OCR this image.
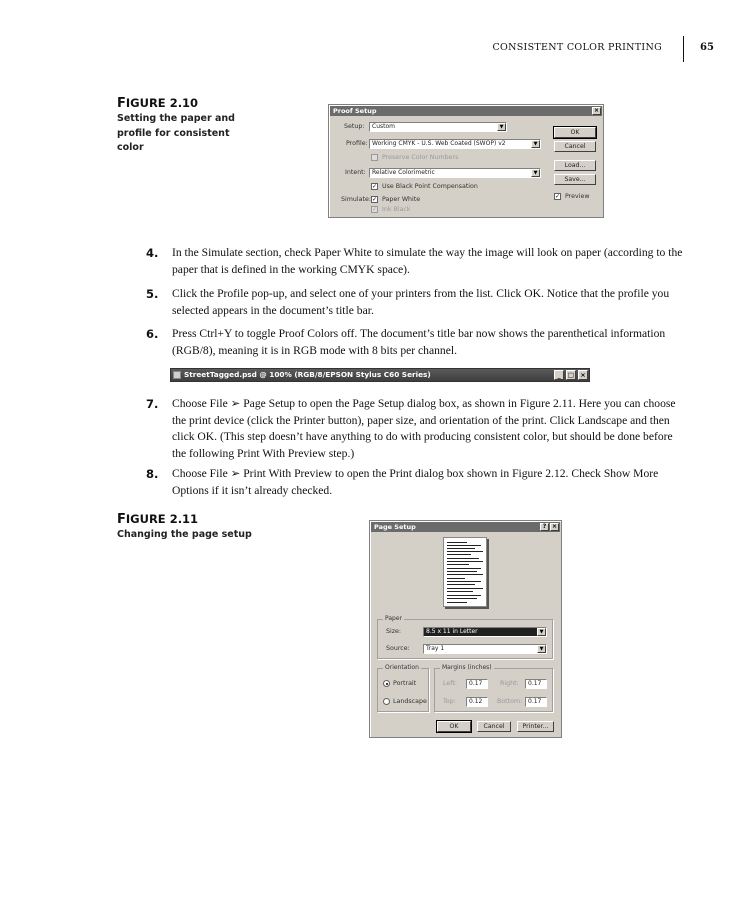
CONSISTENT COLOR PRINTING	65
FIGURE 2.10
Setting the paper and
profile for consistent
color
Proof Setup	×
Setup:	Custom	▼
Profile: Working CMYK - U.S. Web Coated (SWOP) v2	▼
Preserve Color Numbers
Intent:	Relative Colorimetric	▼
✓ Use Black Point Compensation
Simulate: ✓ Paper White
✓ Ink Black
OK
Cancel
Load...
Save...
✓ Preview
4. In the Simulate section, check Paper White to simulate the way the image will look on paper (according to the paper that is defined in the working CMYK space).
5. Click the Profile pop-up, and select one of your printers from the list. Click OK. Notice that the profile you selected appears in the document’s title bar.
6. Press Ctrl+Y to toggle Proof Colors off. The document’s title bar now shows the parenthetical information (RGB/8), meaning it is in RGB mode with 8 bits per channel.
StreetTagged.psd @ 100% (RGB/8/EPSON Stylus C60 Series)	_	□ ×
7. Choose File ➢ Page Setup to open the Page Setup dialog box, as shown in Figure 2.11. Here you can choose the print device (click the Printer button), paper size, and orientation of the print. Click Landscape and then click OK. (This step doesn’t have anything to do with producing consistent color, but should be done before the following Print With Preview step.)
8. Choose File ➢ Print With Preview to open the Print dialog box shown in Figure 2.12. Check Show More Options if it isn’t already checked.
FIGURE 2.11
Changing the page setup
Page Setup	? ×
Paper
Size:	8.5 x 11 in Letter	▼
Source:	Tray 1	▼
Orientation
Portrait
Landscape
Margins (inches)
Left:	0.17	Right:	0.17
Top:	0.12	Bottom: 0.17
OK	Cancel	Printer...
